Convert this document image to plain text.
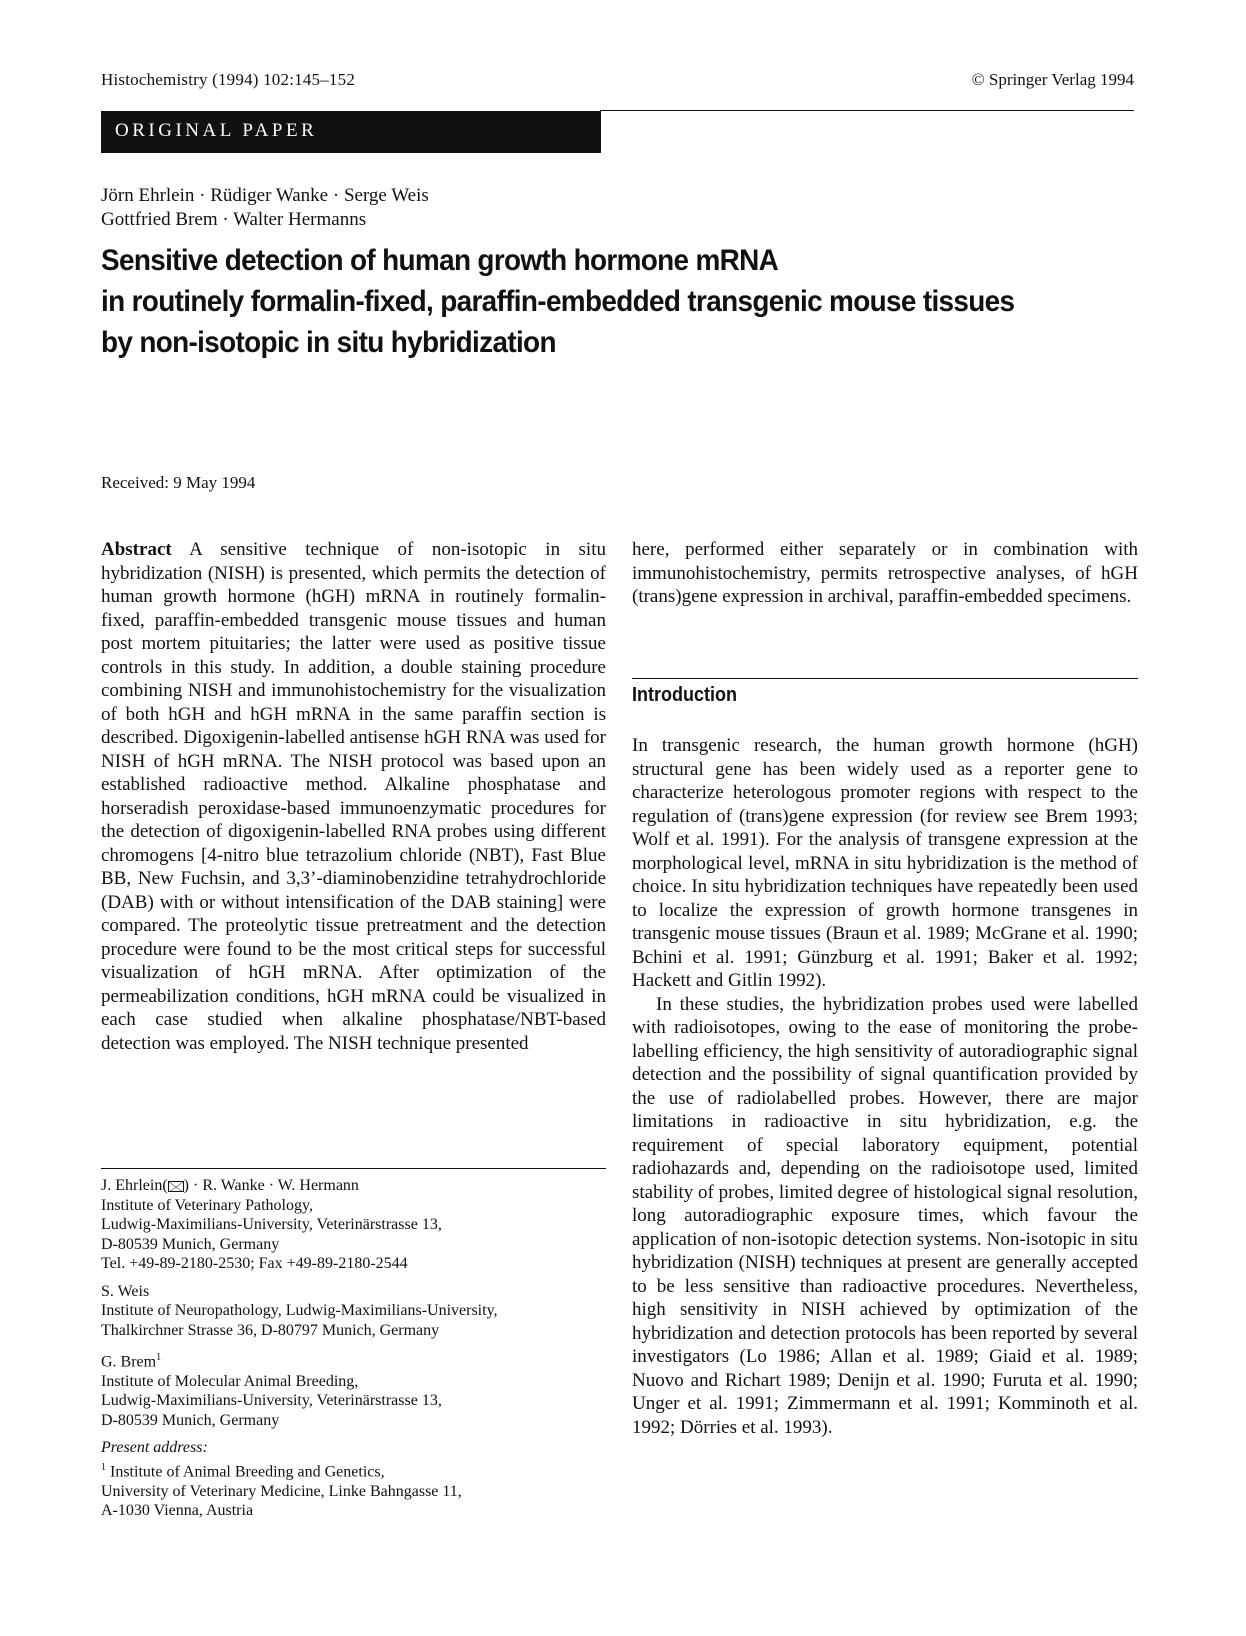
Histochemistry (1994) 102:145–152	© Springer Verlag 1994
ORIGINAL PAPER
Jörn Ehrlein · Rüdiger Wanke · Serge Weis
Gottfried Brem · Walter Hermanns
Sensitive detection of human growth hormone mRNA
in routinely formalin-fixed, paraffin-embedded transgenic mouse tissues
by non-isotopic in situ hybridization
Received: 9 May 1994

Abstract A sensitive technique of non-isotopic in situ hybridization (NISH) is presented, which permits the detection of human growth hormone (hGH) mRNA in routinely formalin-fixed, paraffin-embedded transgenic mouse tissues and human post mortem pituitaries; the latter were used as positive tissue controls in this study. In addition, a double staining procedure combining NISH and immunohistochemistry for the visualization of both hGH and hGH mRNA in the same paraffin section is described. Digoxigenin-labelled antisense hGH RNA was used for NISH of hGH mRNA. The NISH protocol was based upon an established radioactive method. Alkaline phosphatase and horseradish peroxidase-based immunoenzymatic procedures for the detection of digoxigenin-labelled RNA probes using different chromogens [4-nitro blue tetrazolium chloride (NBT), Fast Blue BB, New Fuchsin, and 3,3’-diaminobenzidine tetrahydrochloride (DAB) with or without intensification of the DAB staining] were compared. The proteolytic tissue pretreatment and the detection procedure were found to be the most critical steps for successful visualization of hGH mRNA. After optimization of the permeabilization conditions, hGH mRNA could be visualized in each case studied when alkaline phosphatase/NBT-based detection was employed. The NISH technique presented

here, performed either separately or in combination with immunohistochemistry, permits retrospective analyses, of hGH (trans)gene expression in archival, paraffin-embedded specimens.

Introduction

In transgenic research, the human growth hormone (hGH) structural gene has been widely used as a reporter gene to characterize heterologous promoter regions with respect to the regulation of (trans)gene expression (for review see Brem 1993; Wolf et al. 1991). For the analysis of transgene expression at the morphological level, mRNA in situ hybridization is the method of choice. In situ hybridization techniques have repeatedly been used to localize the expression of growth hormone transgenes in transgenic mouse tissues (Braun et al. 1989; McGrane et al. 1990; Bchini et al. 1991; Günzburg et al. 1991; Baker et al. 1992; Hackett and Gitlin 1992).

In these studies, the hybridization probes used were labelled with radioisotopes, owing to the ease of monitoring the probe-labelling efficiency, the high sensitivity of autoradiographic signal detection and the possibility of signal quantification provided by the use of radiolabelled probes. However, there are major limitations in radioactive in situ hybridization, e.g. the requirement of special laboratory equipment, potential radiohazards and, depending on the radioisotope used, limited stability of probes, limited degree of histological signal resolution, long autoradiographic exposure times, which favour the application of non-isotopic detection systems. Non-isotopic in situ hybridization (NISH) techniques at present are generally accepted to be less sensitive than radioactive procedures. Nevertheless, high sensitivity in NISH achieved by optimization of the hybridization and detection protocols has been reported by several investigators (Lo 1986; Allan et al. 1989; Giaid et al. 1989; Nuovo and Richart 1989; Denijn et al. 1990; Furuta et al. 1990; Unger et al. 1991; Zimmermann et al. 1991; Komminoth et al. 1992; Dörries et al. 1993).

J. Ehrlein( ) · R. Wanke · W. Hermann
Institute of Veterinary Pathology,
Ludwig-Maximilians-University, Veterinärstrasse 13,
D-80539 Munich, Germany
Tel. +49-89-2180-2530; Fax +49-89-2180-2544
S. Weis
Institute of Neuropathology, Ludwig-Maximilians-University,
Thalkirchner Strasse 36, D-80797 Munich, Germany
G. Brem$^1$
Institute of Molecular Animal Breeding,
Ludwig-Maximilians-University, Veterinärstrasse 13,
D-80539 Munich, Germany
Present address:
$^1$ Institute of Animal Breeding and Genetics,
University of Veterinary Medicine, Linke Bahngasse 11,
A-1030 Vienna, Austria
